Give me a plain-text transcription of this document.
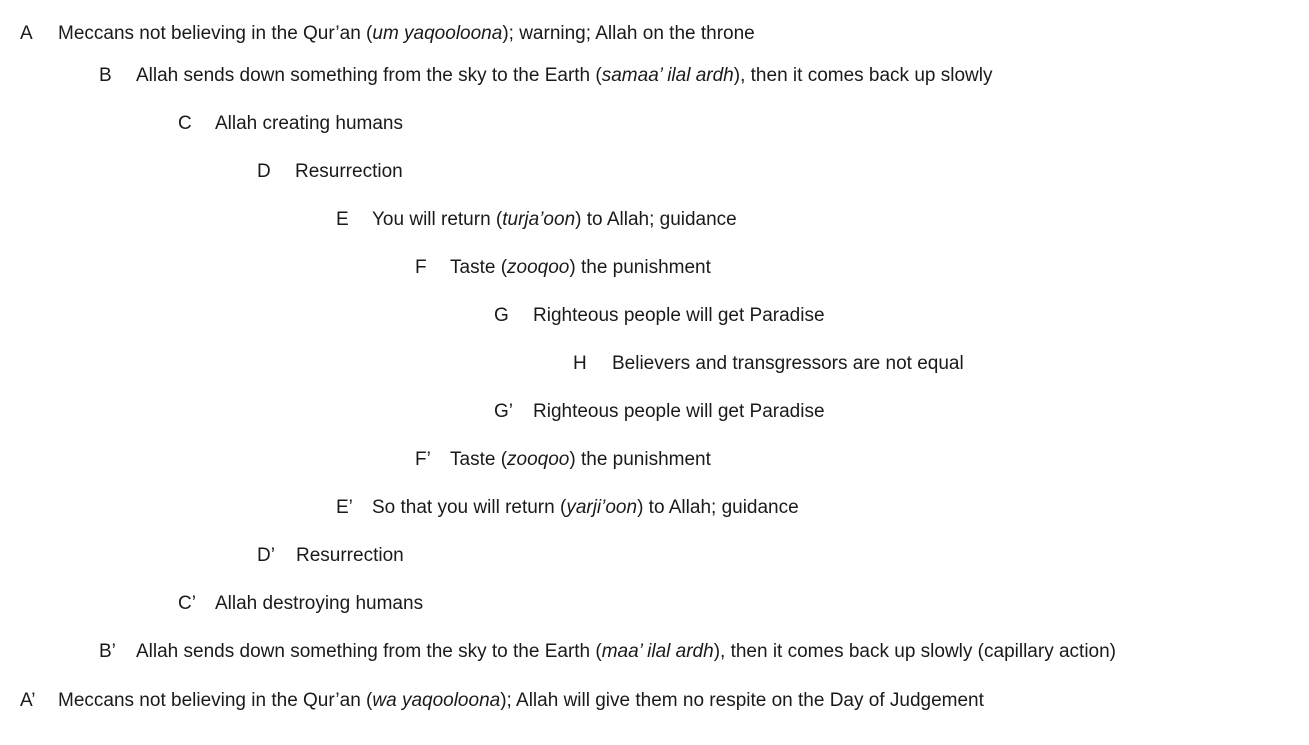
A Meccans not believing in the Qur’an (um yaqooloona); warning; Allah on the throne
B Allah sends down something from the sky to the Earth (samaa’ ilal ardh), then it comes back up slowly
C Allah creating humans
D Resurrection
E You will return (turja’oon) to Allah; guidance
F Taste (zooqoo) the punishment
G Righteous people will get Paradise
H Believers and transgressors are not equal
G’ Righteous people will get Paradise
F’ Taste (zooqoo) the punishment
E’ So that you will return (yarji’oon) to Allah; guidance
D’ Resurrection
C’ Allah destroying humans
B’ Allah sends down something from the sky to the Earth (maa’ ilal ardh), then it comes back up slowly (capillary action)
A’ Meccans not believing in the Qur’an (wa yaqooloona); Allah will give them no respite on the Day of Judgement
